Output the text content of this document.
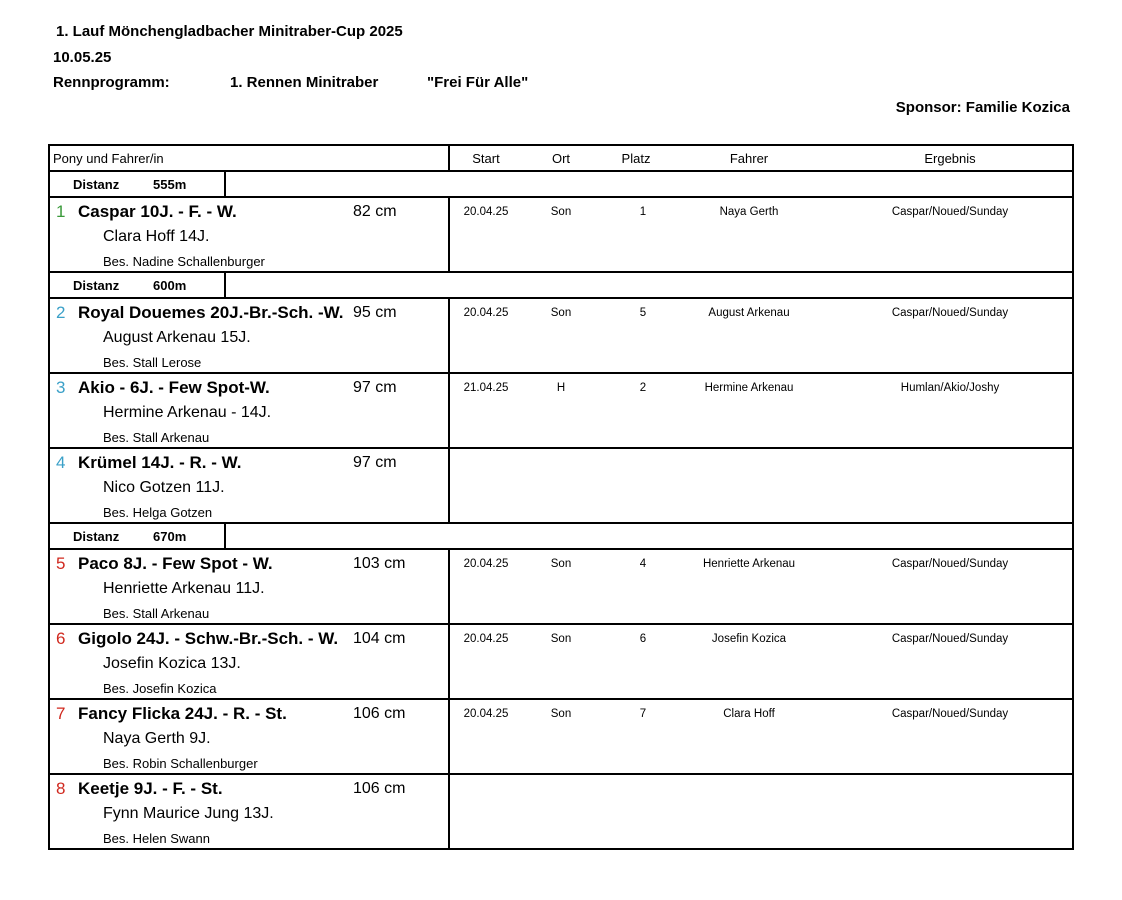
1. Lauf Mönchengladbacher Minitraber-Cup 2025
10.05.25
Rennprogramm:	1. Rennen Minitraber	"Frei Für Alle"
Sponsor: Familie Kozica
Pony und Fahrer/in	Start	Ort	Platz	Fahrer	Ergebnis
Distanz	555m
1 Caspar 10J. - F. - W.	82 cm
Clara Hoff 14J.
Bes. Nadine Schallenburger
20.04.25	Son	1	Naya Gerth	Caspar/Noued/Sunday
Distanz	600m
2 Royal Douemes 20J.-Br.-Sch. -W. 95 cm
August Arkenau 15J.
Bes. Stall Lerose
20.04.25	Son	5	August Arkenau	Caspar/Noued/Sunday
3 Akio - 6J. - Few Spot-W.	97 cm
Hermine Arkenau - 14J.
Bes. Stall Arkenau
21.04.25	H	2	Hermine Arkenau	Humlan/Akio/Joshy
4 Krümel 14J. - R. - W.	97 cm
Nico Gotzen 11J.
Bes. Helga Gotzen
Distanz	670m
5 Paco 8J. - Few Spot - W.	103 cm
Henriette Arkenau 11J.
Bes. Stall Arkenau
20.04.25	Son	4	Henriette Arkenau	Caspar/Noued/Sunday
6 Gigolo 24J. - Schw.-Br.-Sch. - W. 104 cm
Josefin Kozica 13J.
Bes. Josefin Kozica
20.04.25	Son	6	Josefin Kozica	Caspar/Noued/Sunday
7 Fancy Flicka 24J. - R. - St.	106 cm
Naya Gerth 9J.
Bes. Robin Schallenburger
20.04.25	Son	7	Clara Hoff	Caspar/Noued/Sunday
8 Keetje 9J. - F. - St.	106 cm
Fynn Maurice Jung 13J.
Bes. Helen Swann
